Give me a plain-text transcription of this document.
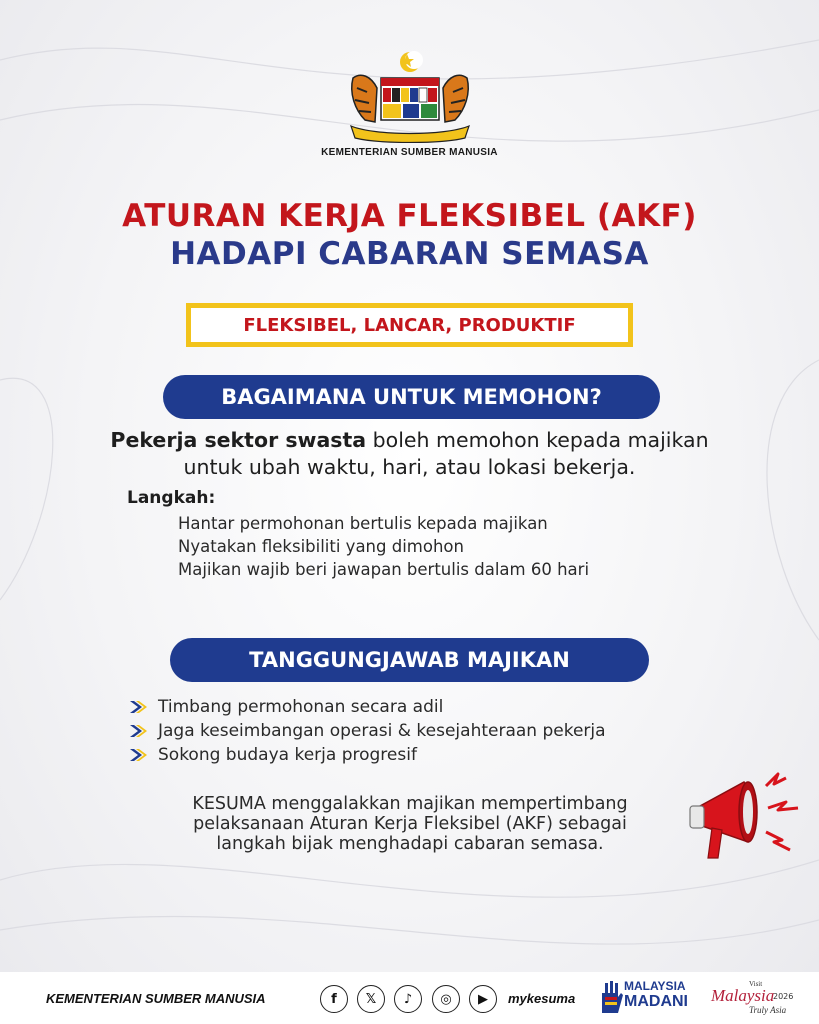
KEMENTERIAN SUMBER MANUSIA
ATURAN KERJA FLEKSIBEL (AKF)
HADAPI CABARAN SEMASA
FLEKSIBEL, LANCAR, PRODUKTIF
BAGAIMANA UNTUK MEMOHON?
Pekerja sektor swasta boleh memohon kepada majikan
untuk ubah waktu, hari, atau lokasi bekerja.
Langkah:
Hantar permohonan bertulis kepada majikan
Nyatakan fleksibiliti yang dimohon
Majikan wajib beri jawapan bertulis dalam 60 hari
TANGGUNGJAWAB MAJIKAN
Timbang permohonan secara adil
Jaga keseimbangan operasi & kesejahteraan pekerja
Sokong budaya kerja progresif
KESUMA menggalakkan majikan mempertimbang
pelaksanaan Aturan Kerja Fleksibel (AKF) sebagai
langkah bijak menghadapi cabaran semasa.
KEMENTERIAN SUMBER MANUSIA	f	𝕏	♪	◎	▶	mykesuma
MALAYSIA
MADANI
Visit
Malaysia
2026
Truly Asia
